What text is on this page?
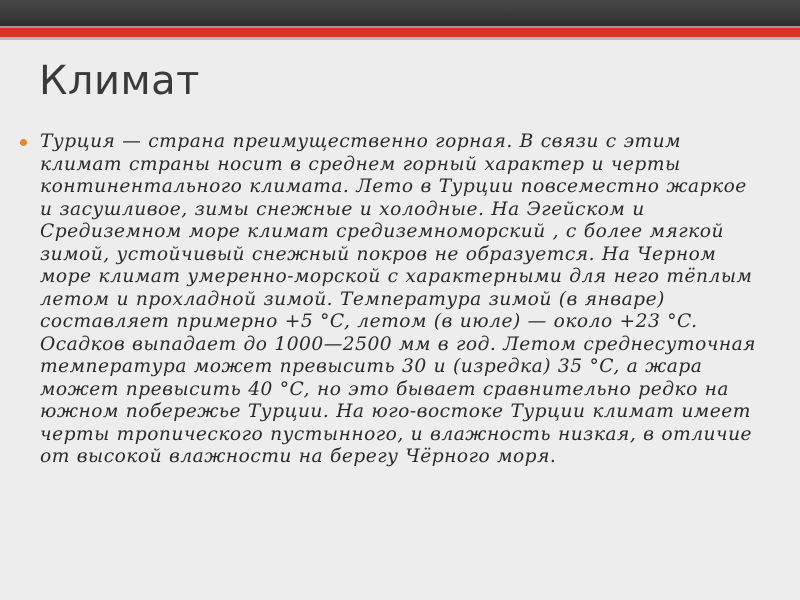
Климат
Турция — страна преимущественно горная. В связи с этим климат страны носит в среднем горный характер и черты континентального климата. Лето в Турции повсеместно жаркое и засушливое, зимы снежные и холодные. На Эгейском и Средиземном море климат средиземноморский , с более мягкой зимой, устойчивый снежный покров не образуется. На Черном море климат умеренно-морской с характерными для него тёплым летом и прохладной зимой. Температура зимой (в январе) составляет примерно +5 °C, летом (в июле) — около +23 °C. Осадков выпадает до 1000—2500 мм в год. Летом среднесуточная температура может превысить 30 и (изредка) 35 °C, а жара может превысить 40 °C, но это бывает сравнительно редко на южном побережье Турции. На юго-востоке Турции климат имеет черты тропического пустынного, и влажность низкая, в отличие от высокой влажности на берегу Чёрного моря.
